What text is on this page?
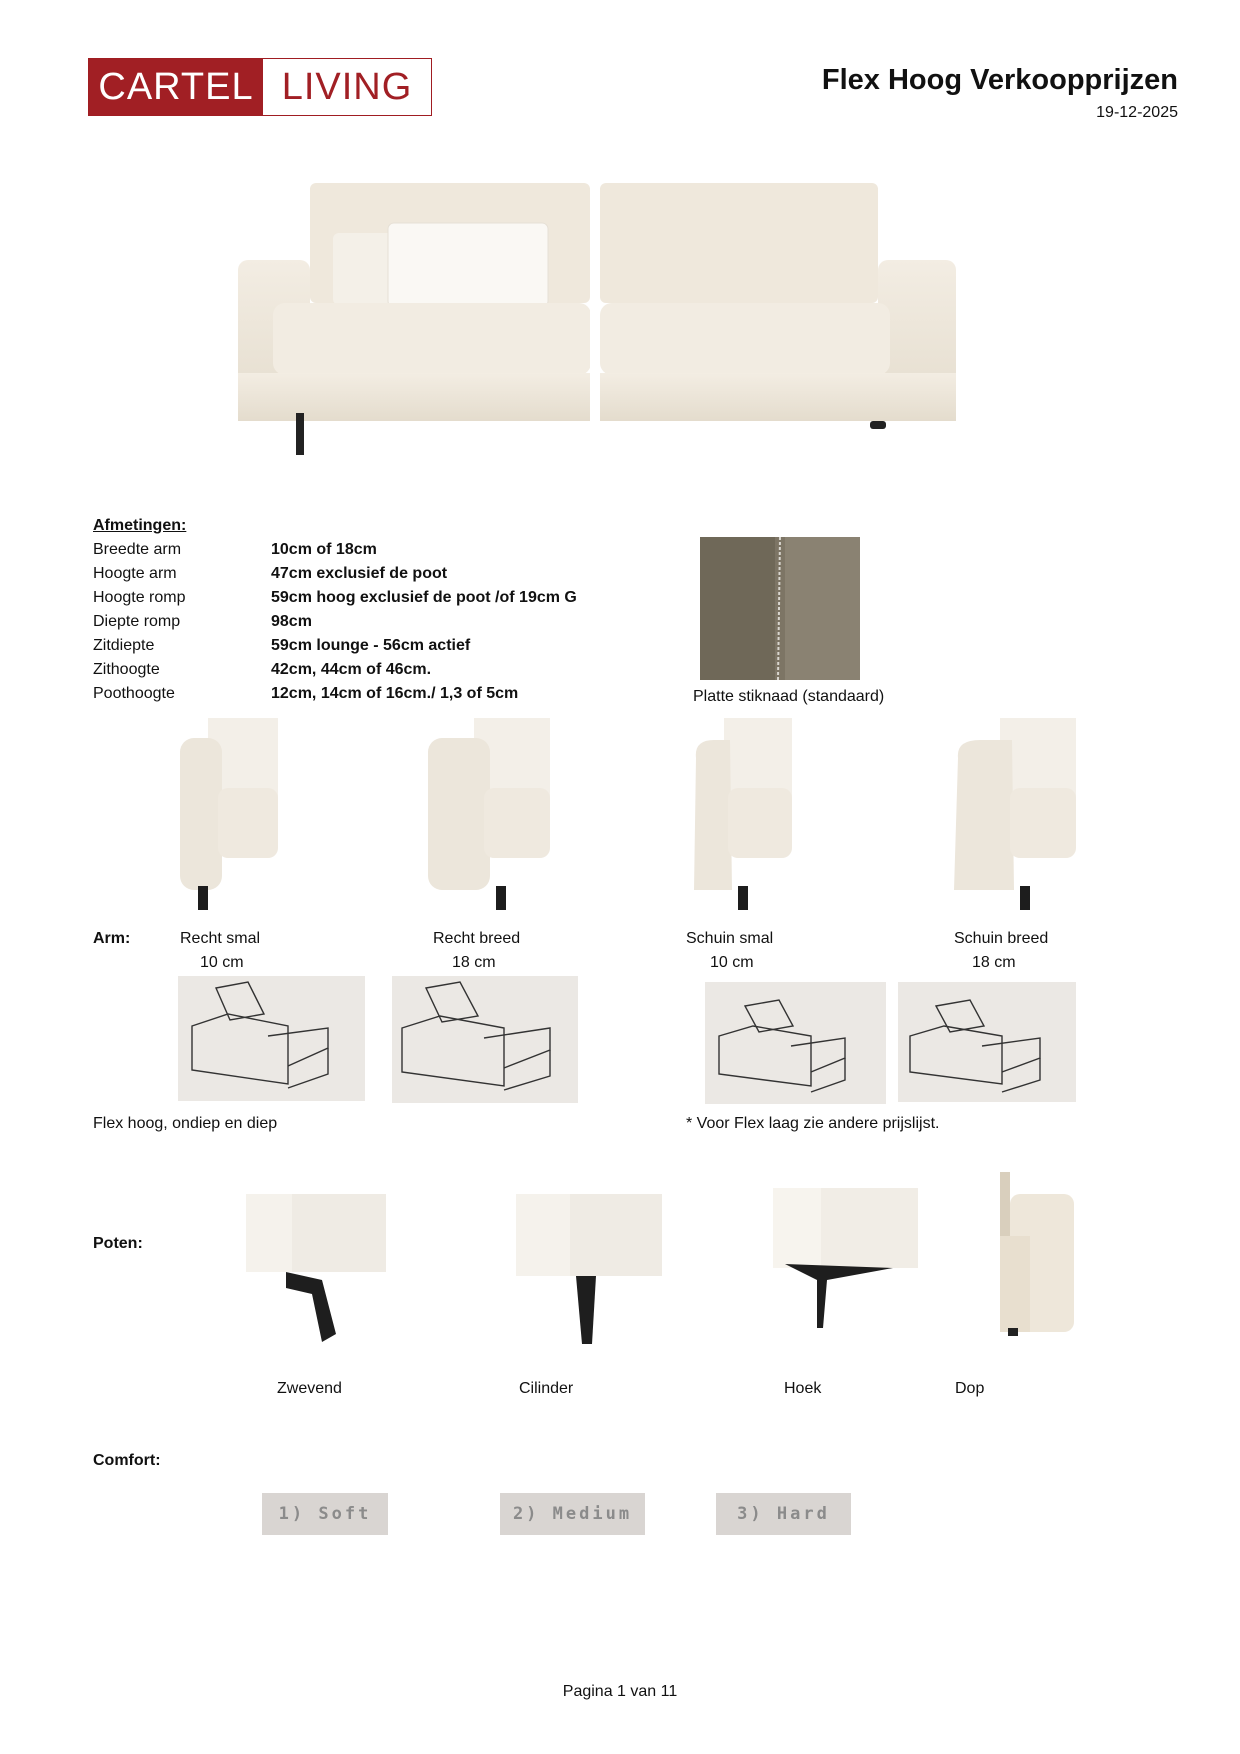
CARTEL LIVING	Flex Hoog Verkoopprijzen
19-12-2025
Afmetingen:
Breedte arm	10cm of 18cm
Hoogte arm	47cm exclusief de poot
Hoogte romp	59cm hoog exclusief de poot /of 19cm G
Diepte romp	98cm
Zitdiepte	59cm lounge - 56cm actief
Zithoogte	42cm, 44cm of 46cm.
Poothoogte	12cm, 14cm of 16cm./ 1,3 of 5cm	Platte stiknaad (standaard)
Arm:	Recht smal
10 cm
Recht breed
18 cm
Schuin smal
10 cm
Schuin breed
18 cm
Flex hoog, ondiep en diep	* Voor Flex laag zie andere prijslijst.
Poten:
Zwevend	Cilinder	Hoek	Dop
Comfort:
1) Soft	2) Medium	3) Hard
Pagina 1 van 11
